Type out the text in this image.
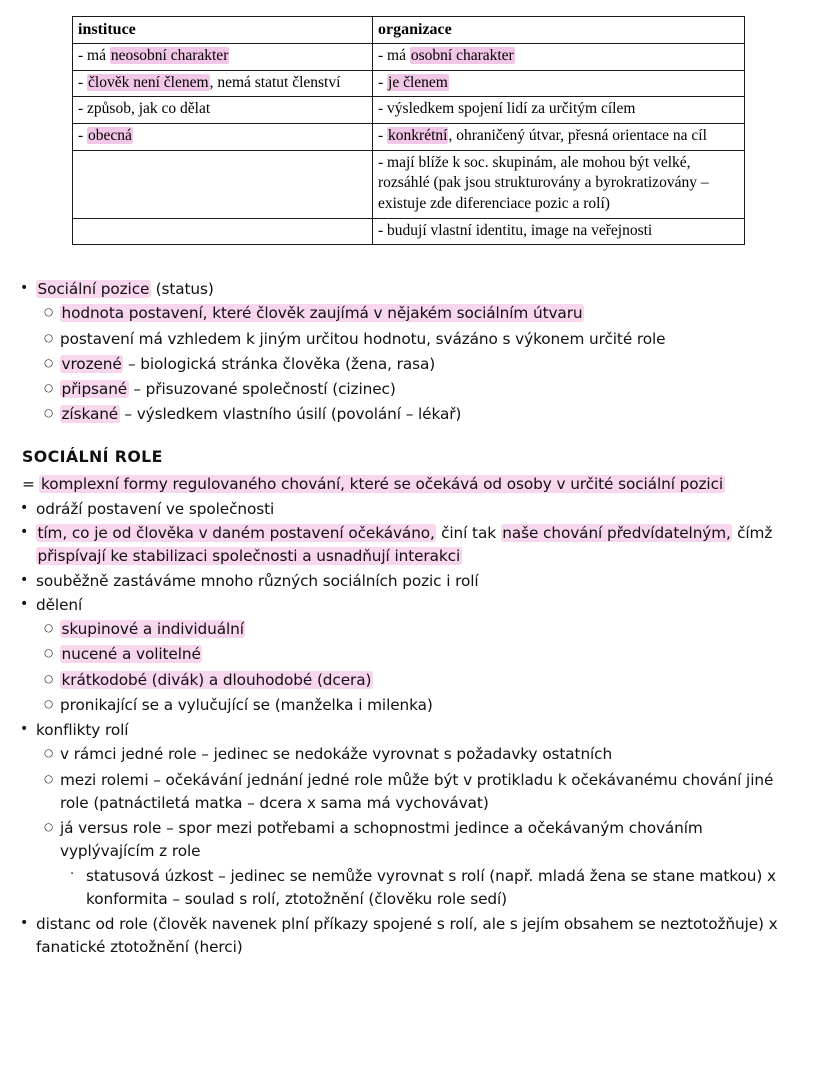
instituce	organizace
- má neosobní charakter	- má osobní charakter
- člověk není členem, nemá statut členství	- je členem
- způsob, jak co dělat	- výsledkem spojení lidí za určitým cílem
- obecná	- konkrétní, ohraničený útvar, přesná orientace na cíl
	- mají blíže k soc. skupinám, ale mohou být velké, rozsáhlé (pak jsou strukturovány a byrokratizovány – existuje zde diferenciace pozic a rolí)
	- budují vlastní identitu, image na veřejnosti
• Sociální pozice (status)
○ hodnota postavení, které člověk zaujímá v nějakém sociálním útvaru
○ postavení má vzhledem k jiným určitou hodnotu, svázáno s výkonem určité role
○ vrozené – biologická stránka člověka (žena, rasa)
○ připsané – přisuzované společností (cizinec)
○ získané – výsledkem vlastního úsilí (povolání – lékař)
SOCIÁLNÍ ROLE
= komplexní formy regulovaného chování, které se očekává od osoby v určité sociální pozici
• odráží postavení ve společnosti
• tím, co je od člověka v daném postavení očekáváno, činí tak naše chování předvídatelným, čímž přispívají ke stabilizaci společnosti a usnadňují interakci
• souběžně zastáváme mnoho různých sociálních pozic i rolí
• dělení
○ skupinové a individuální
○ nucené a volitelné
○ krátkodobé (divák) a dlouhodobé (dcera)
○ pronikající se a vylučující se (manželka i milenka)
• konflikty rolí
○ v rámci jedné role – jedinec se nedokáže vyrovnat s požadavky ostatních
○ mezi rolemi – očekávání jednání jedné role může být v protikladu k očekávanému chování jiné role (patnáctiletá matka – dcera x sama má vychovávat)
○ já versus role – spor mezi potřebami a schopnostmi jedince a očekávaným chováním vyplývajícím z role
· statusová úzkost – jedinec se nemůže vyrovnat s rolí (např. mladá žena se stane matkou) x konformita – soulad s rolí, ztotožnění (člověku role sedí)
• distanc od role (člověk navenek plní příkazy spojené s rolí, ale s jejím obsahem se neztotožňuje) x fanatické ztotožnění (herci)
